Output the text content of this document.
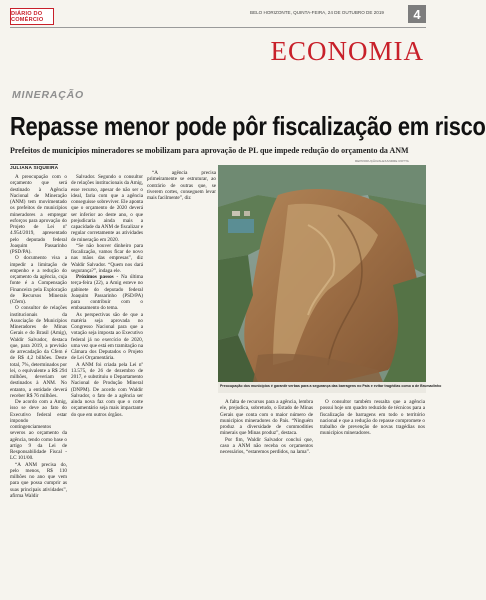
DIÁRIO DO COMÉRCIO
BELO HORIZONTE, QUINTA-FEIRA, 24 DE OUTUBRO DE 2019	4
ECONOMIA
MINERAÇÃO
Repasse menor pode pôr fiscalização em risco
Prefeitos de municípios mineradores se mobilizam para aprovação de PL que impede redução do orçamento da ANM
JULIANA SIQUEIRA

A preocupação com o orçamento que será destinado à Agência Nacional de Mineração (ANM) tem movimentado os prefeitos de municípios mineradores a empregar esforços para aprovação do Projeto de Lei nº 4.954/2019, apresentado pelo deputado federal Joaquim Passarinho (PSD/PA).

O documento visa a impedir a limitação de empenho e a redução do orçamento da agência, cuja fonte é a Compensação Financeira pela Exploração de Recursos Minerais (Cfem).

O consultor de relações institucionais da Associação de Municípios Mineradores de Minas Gerais e do Brasil (Amig), Waldir Salvador, destaca que, para 2019, a previsão de arrecadação da Cfem é de R$ 4,2 bilhões. Deste total, 7%, determinados por lei, o equivalente a R$ 294 milhões, deveriam ser destinados à ANM. No entanto, a entidade deverá receber R$ 76 milhões.

De acordo com a Amig, isso se deve ao fato do Executivo federal estar impondo contingenciamentos severos ao orçamento da agência, tendo como base o artigo 9 da Lei de Responsabilidade Fiscal - LC 101/00.

“A ANM precisa do, pelo menos, R$ 110 milhões no ano que vem para que possa cumprir as suas principais atividades”, afirma Waldir

Salvador. Segundo o consultor de relações institucionais da Amig, esse recurso, apesar de não ser o ideal, faria com que a agência conseguisse sobreviver. Ele aponta que o orçamento de 2020 deverá ser inferior ao deste ano, o que prejudicaria ainda mais a capacidade da ANM de fiscalizar e regular corretamente as atividades de mineração em 2020.

“Se não houver dinheiro para fiscalização, vamos ficar de novo nas mãos das empresas”, diz Waldir Salvador. “Quem nos dará segurança?”, indaga ele.

Próximos passos - Na última terça-feira (22), a Amig esteve no gabinete do deputado federal Joaquim Passarinho (PSD/PA) para contribuir com o embasamento do tema.

As perspectivas são de que a matéria seja aprovada no Congresso Nacional para que a votação seja imposta ao Executivo federal já no exercício de 2020, uma vez que está em tramitação na Câmara dos Deputados o Projeto de Lei Orçamentária.

A ANM foi criada pela Lei nº 13.575, de 26 de dezembro de 2017, e substituiu o Departamento Nacional de Produção Mineral (DNPM). De acordo com Waldir Salvador, o fato de a agência ser ainda nova faz com que o corte orçamentário seja mais impactante do que em outros órgãos.

A falta de recursos para a agência, lembra ele, prejudica, sobretudo, o Estado de Minas Gerais que conta com o maior número de municípios mineradores do País. “Ninguém produz a diversidade de commodities minerais que Minas produz”, destaca.

Por fim, Waldir Salvador conclui que, caso a ANM não receba os orçamentos necessários, “estaremos perdidos, na lama”.

O consultor também ressalta que a agência possui hoje um quadro reduzido de técnicos para a fiscalização de barragens em todo o território nacional e que a redução do repasse compromete o trabalho de prevenção de novas tragédias nos municípios mineradores.

REPRODUÇÃO/ALEXANDRE ROTTA
Preocupação dos municípios é garantir verbas para a segurança das barragens no País e evitar tragédias como a de Brumadinho

“A agência precisa primeiramente se estruturar, ao contrário de outras que, se tiverem cortes, conseguem levar mais facilmente”, diz
